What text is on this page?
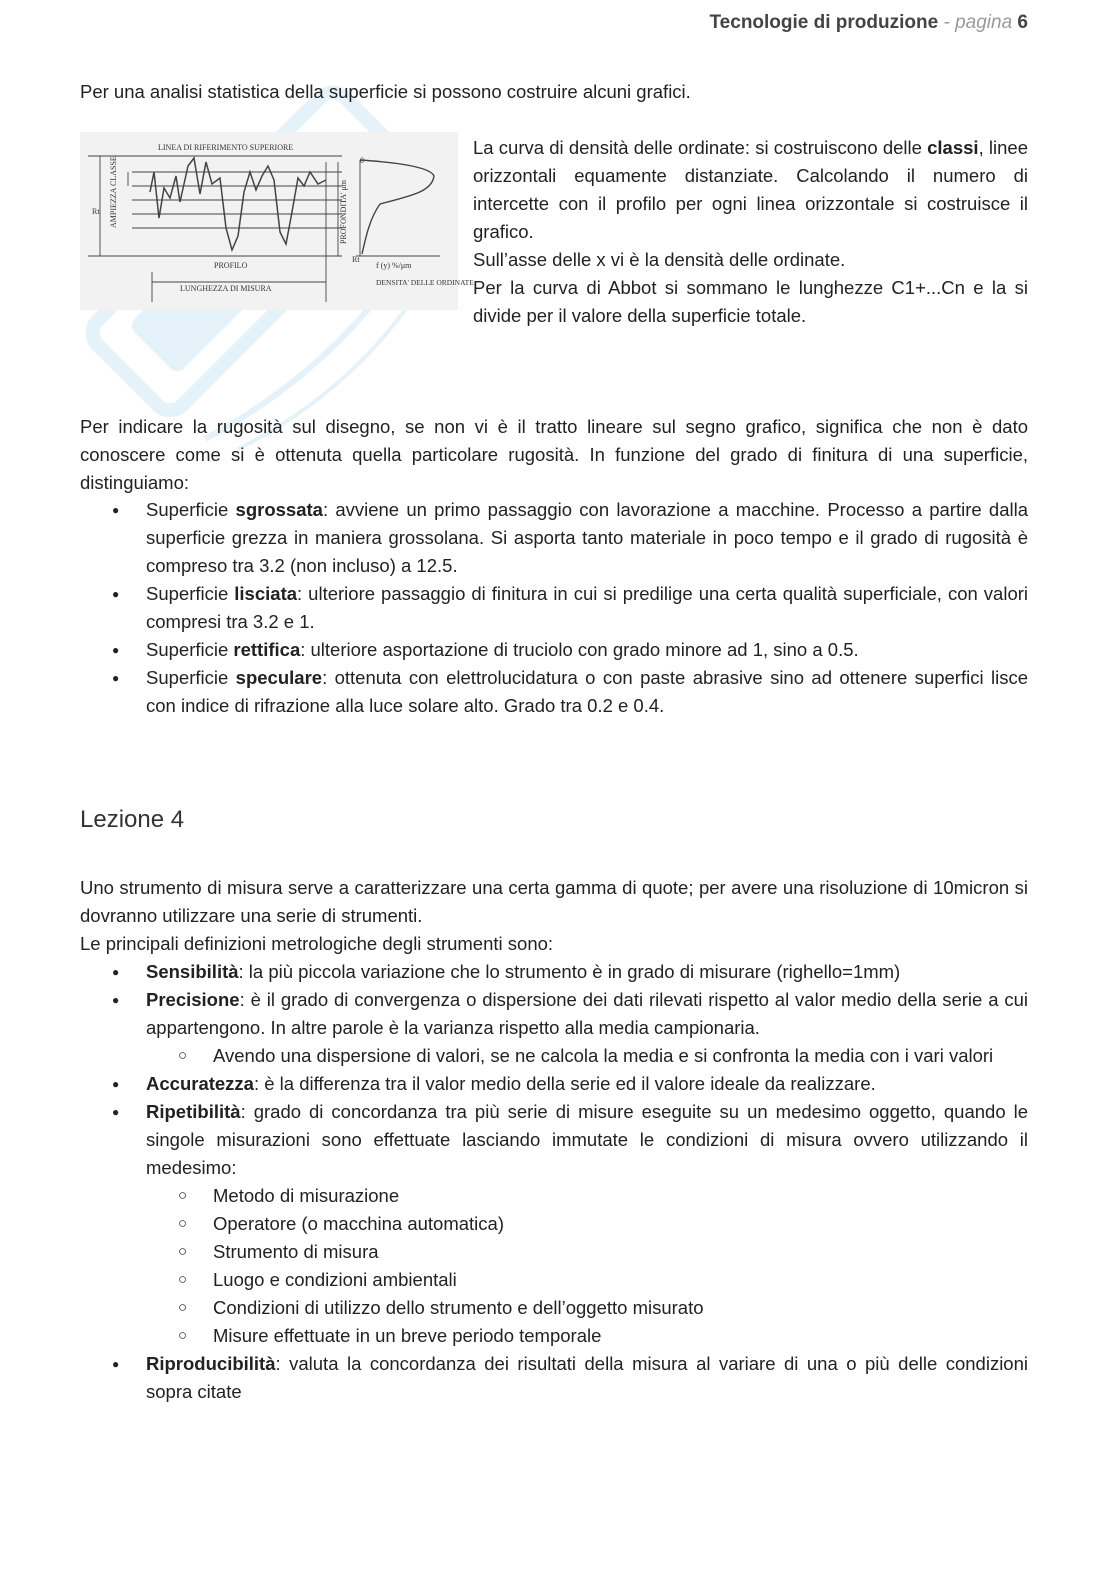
Tecnologie di produzione - pagina 6

Per una analisi statistica della superficie si possono costruire alcuni grafici.

LINEA DI RIFERIMENTO SUPERIORE
AMPIEZZA CLASSE
Rt	PROFONDITA' μm
PROFILO
LUNGHEZZA DI MISURA
Rt
f (y) %/μm
DENSITA' DELLE ORDINATE
0

La curva di densità delle ordinate: si costruiscono delle classi, linee orizzontali equamente distanziate. Calcolando il numero di intercette con il profilo per ogni linea orizzontale si costruisce il grafico.

Sull’asse delle x vi è la densità delle ordinate.

Per la curva di Abbot si sommano le lunghezze C1+...Cn e la si divide per il valore della superficie totale.

Per indicare la rugosità sul disegno, se non vi è il tratto lineare sul segno grafico, significa che non è dato conoscere come si è ottenuta quella particolare rugosità. In funzione del grado di finitura di una superficie, distinguiamo:

● Superficie sgrossata: avviene un primo passaggio con lavorazione a macchine. Processo a partire dalla superficie grezza in maniera grossolana. Si asporta tanto materiale in poco tempo e il grado di rugosità è compreso tra 3.2 (non incluso) a 12.5.
● Superficie lisciata: ulteriore passaggio di finitura in cui si predilige una certa qualità superficiale, con valori compresi tra 3.2 e 1.
● Superficie rettifica: ulteriore asportazione di truciolo con grado minore ad 1, sino a 0.5.
● Superficie speculare: ottenuta con elettrolucidatura o con paste abrasive sino ad ottenere superfici lisce con indice di rifrazione alla luce solare alto. Grado tra 0.2 e 0.4.
Lezione 4
Uno strumento di misura serve a caratterizzare una certa gamma di quote; per avere una risoluzione di 10micron si dovranno utilizzare una serie di strumenti.
Le principali definizioni metrologiche degli strumenti sono:
● Sensibilità: la più piccola variazione che lo strumento è in grado di misurare (righello=1mm)
● Precisione: è il grado di convergenza o dispersione dei dati rilevati rispetto al valor medio della serie a cui appartengono. In altre parole è la varianza rispetto alla media campionaria.
○ Avendo una dispersione di valori, se ne calcola la media e si confronta la media con i vari valori
● Accuratezza: è la differenza tra il valor medio della serie ed il valore ideale da realizzare.
● Ripetibilità: grado di concordanza tra più serie di misure eseguite su un medesimo oggetto, quando le singole misurazioni sono effettuate lasciando immutate le condizioni di misura ovvero utilizzando il medesimo:
○ Metodo di misurazione
○ Operatore (o macchina automatica)
○ Strumento di misura
○ Luogo e condizioni ambientali
○ Condizioni di utilizzo dello strumento e dell’oggetto misurato
○ Misure effettuate in un breve periodo temporale
● Riproducibilità: valuta la concordanza dei risultati della misura al variare di una o più delle condizioni sopra citate
